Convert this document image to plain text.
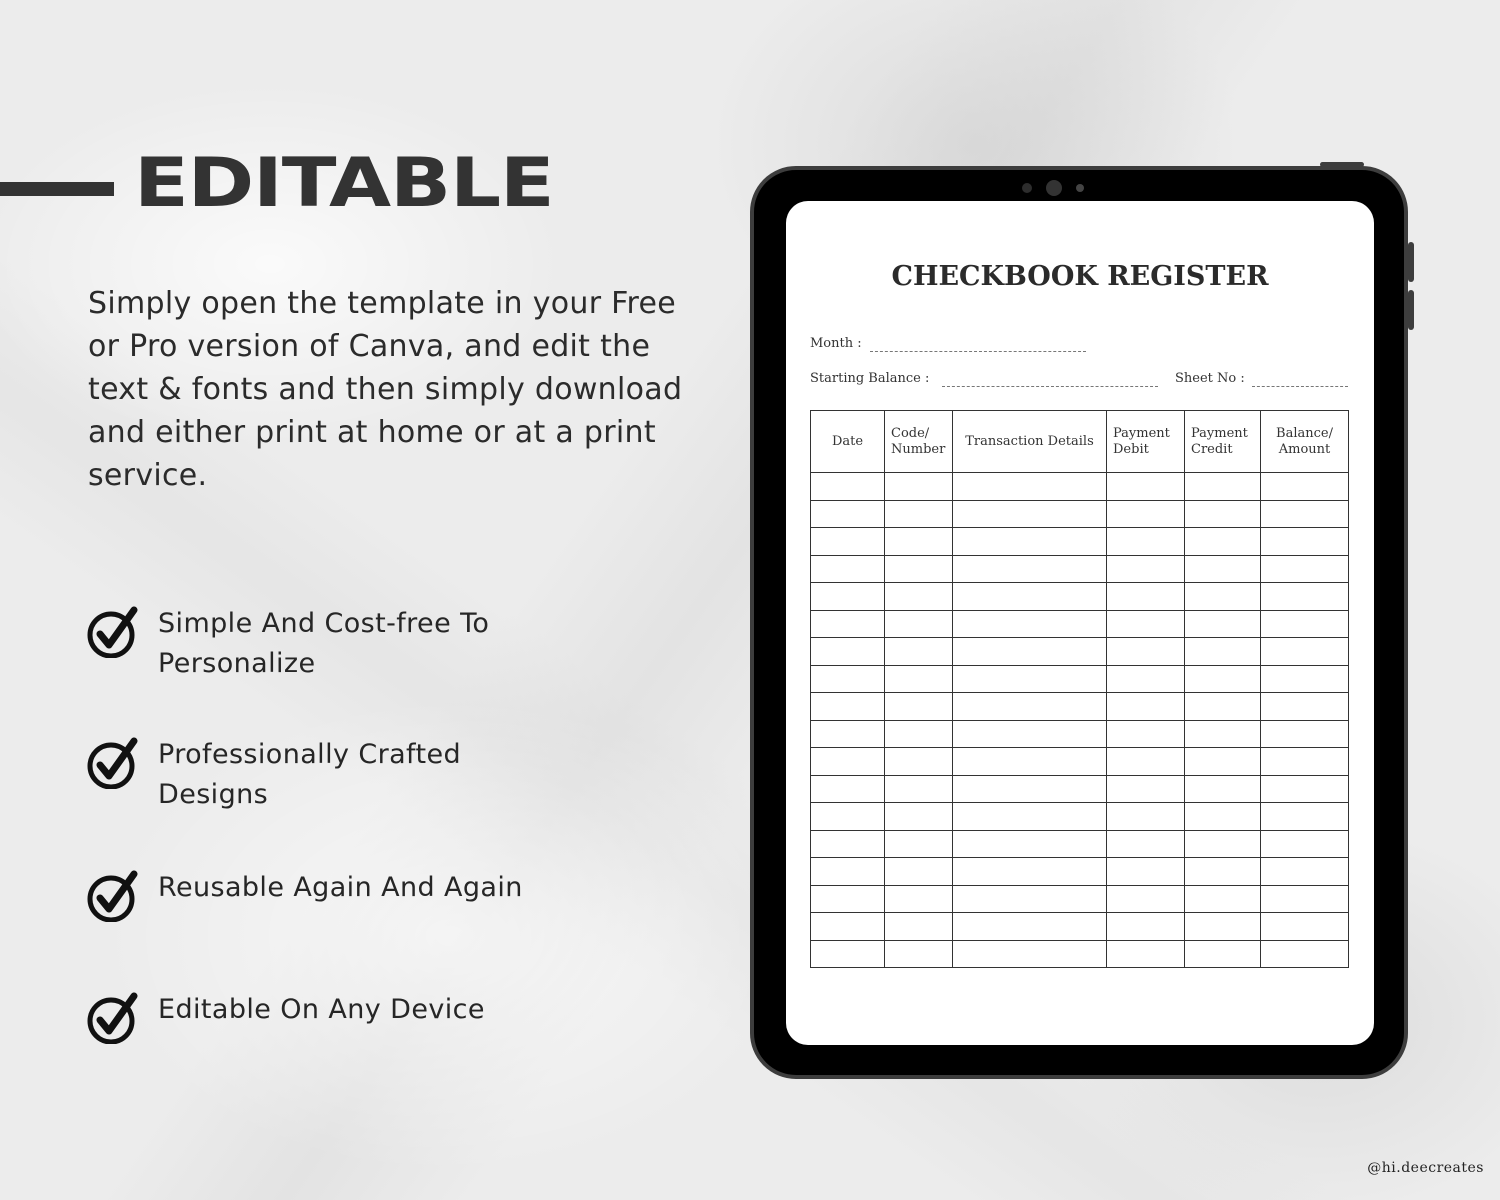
EDITABLE

Simply open the template in your Free or Pro version of Canva, and edit the text & fonts and then simply download and either print at home or at a print service.

Simple And Cost-free To Personalize
Professionally Crafted Designs
Reusable Again And Again
Editable On Any Device
CHECKBOOK REGISTER
Month :
Starting Balance :	Sheet No :
Date	Code/ Number	Transaction Details	Payment Debit	Payment Credit	Balance/ Amount

@hi.deecreates
